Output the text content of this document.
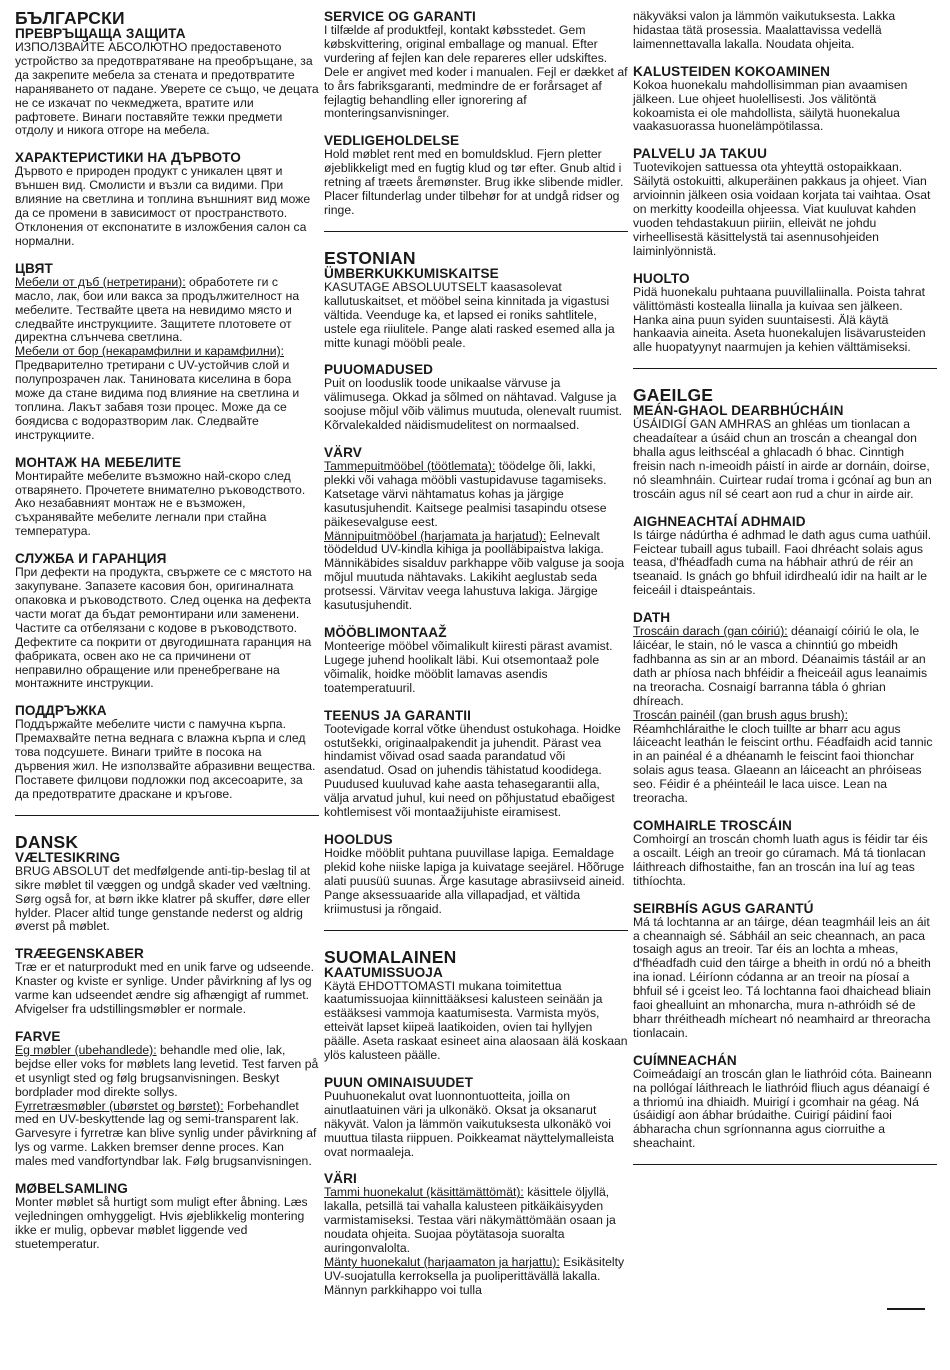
БЪЛГАРСКИ

ПРЕВРЪЩАЩА ЗАЩИТА

ИЗПОЛЗВАЙТЕ АБСОЛЮТНО предоставеното устройство за предотвратяване на преобръщане, за да закрепите мебела за стената и предотвратите нараняването от падане. Уверете се също, че децата не се изкачат по чекмеджета, вратите или рафтовете. Винаги поставяйте тежки предмети отдолу и никога отгоре на мебела.

ХАРАКТЕРИСТИКИ НА ДЪРВОТО

Дървото е природен продукт с уникален цвят и външен вид. Смолисти и възли са видими. При влияние на светлина и топлина външният вид може да се промени в зависимост от пространството. Отклонения от експонатите в изложбения салон са нормални.

ЦВЯТ

Мебели от дъб (нетретирани): обработете ги с масло, лак, бои или вакса за продължителност на мебелите. Тествайте цвета на невидимо място и следвайте инструкциите. Защитете плотовете от директна слънчева светлина.

Мебели от бор (некарамфилни и карамфилни): Предварително третирани с UV-устойчив слой и полупрозрачен лак. Таниновата киселина в бора може да стане видима под влияние на светлина и топлина. Лакът забавя този процес. Може да се боядисва с водоразтворим лак. Следвайте инструкциите.

МОНТАЖ НА МЕБЕЛИТЕ

Монтирайте мебелите възможно най-скоро след отварянето. Прочетете внимателно ръководството. Ако незабавният монтаж не е възможен, съхранявайте мебелите легнали при стайна температура.

СЛУЖБА И ГАРАНЦИЯ

При дефекти на продукта, свържете се с мястото на закупуване. Запазете касовия бон, оригиналната опаковка и ръководството. След оценка на дефекта части могат да бъдат ремонтирани или заменени. Частите са отбелязани с кодове в ръководството. Дефектите са покрити от двугодишната гаранция на фабриката, освен ако не са причинени от неправилно обращение или пренебрегване на монтажните инструкции.

ПОДДРЪЖКА

Поддържайте мебелите чисти с памучна кърпа. Премахвайте петна веднага с влажна кърпа и след това подсушете. Винаги трийте в посока на дървения жил. Не използвайте абразивни вещества. Поставете филцови подложки под аксесоарите, за да предотвратите драскане и кръгове.

DANSK

VÆLTESIKRING

BRUG ABSOLUT det medfølgende anti-tip-beslag til at sikre møblet til væggen og undgå skader ved væltning. Sørg også for, at børn ikke klatrer på skuffer, døre eller hylder. Placer altid tunge genstande nederst og aldrig øverst på møblet.

TRÆEGENSKABER

Træ er et naturprodukt med en unik farve og udseende. Knaster og kviste er synlige. Under påvirkning af lys og varme kan udseendet ændre sig afhængigt af rummet. Afvigelser fra udstillingsmøbler er normale.

FARVE

Eg møbler (ubehandlede): behandle med olie, lak, bejdse eller voks for møblets lang levetid. Test farven på et usynligt sted og følg brugsanvisningen. Beskyt bordplader mod direkte sollys.

Fyrretræsmøbler (ubørstet og børstet): Forbehandlet med en UV-beskyttende lag og semi-transparent lak. Garvesyre i fyrretræ kan blive synlig under påvirkning af lys og varme. Lakken bremser denne proces. Kan males med vandfortyndbar lak. Følg brugsanvisningen.

MØBELSAMLING

Monter møblet så hurtigt som muligt efter åbning. Læs vejledningen omhyggeligt. Hvis øjeblikkelig montering ikke er mulig, opbevar møblet liggende ved stuetemperatur.

SERVICE OG GARANTI

I tilfælde af produktfejl, kontakt købsstedet. Gem købskvittering, original emballage og manual. Efter vurdering af fejlen kan dele repareres eller udskiftes. Dele er angivet med koder i manualen. Fejl er dækket af to års fabriksgaranti, medmindre de er forårsaget af fejlagtig behandling eller ignorering af monteringsanvisninger.

VEDLIGEHOLDELSE

Hold møblet rent med en bomuldsklud. Fjern pletter øjeblikkeligt med en fugtig klud og tør efter. Gnub altid i retning af træets åremønster. Brug ikke slibende midler. Placer filtunderlag under tilbehør for at undgå ridser og ringe.

ESTONIAN

ÜMBERKUKKUMISKAITSE

KASUTAGE ABSOLUUTSELT kaasasolevat kallutuskaitset, et mööbel seina kinnitada ja vigastusi vältida. Veenduge ka, et lapsed ei roniks sahtlitele, ustele ega riiulitele. Pange alati rasked esemed alla ja mitte kunagi mööbli peale.

PUUOMADUSED

Puit on looduslik toode unikaalse värvuse ja välimusega. Okkad ja sõlmed on nähtavad. Valguse ja soojuse mõjul võib välimus muutuda, olenevalt ruumist. Kõrvalekalded näidismudelitest on normaalsed.

VÄRV

Tammepuitmööbel (töötlemata): töödelge õli, lakki, plekki või vahaga mööbli vastupidavuse tagamiseks. Katsetage värvi nähtamatus kohas ja järgige kasutusjuhendit. Kaitsege pealmisi tasapindu otsese päikesevalguse eest.

Männipuitmööbel (harjamata ja harjatud): Eelnevalt töödeldud UV-kindla kihiga ja poolläbipaistva lakiga. Männikäbides sisalduv parkhappe võib valguse ja sooja mõjul muutuda nähtavaks. Lakikiht aeglustab seda protsessi. Värvitav veega lahustuva lakiga. Järgige kasutusjuhendit.

MÖÖBLIMONTAAŽ

Monteerige mööbel võimalikult kiiresti pärast avamist. Lugege juhend hoolikalt läbi. Kui otsemontaaž pole võimalik, hoidke mööblit lamavas asendis toatemperatuuril.

TEENUS JA GARANTII

Tootevigade korral võtke ühendust ostukohaga. Hoidke ostutšekki, originaalpakendit ja juhendit. Pärast vea hindamist võivad osad saada parandatud või asendatud. Osad on juhendis tähistatud koodidega. Puudused kuuluvad kahe aasta tehasegarantii alla, välja arvatud juhul, kui need on põhjustatud ebaõigest kohtlemisest või montaažijuhiste eiramisest.

HOOLDUS

Hoidke mööblit puhtana puuvillase lapiga. Eemaldage plekid kohe niiske lapiga ja kuivatage seejärel. Hõõruge alati puusüü suunas. Ärge kasutage abrasiivseid aineid. Pange aksessuaaride alla villapadjad, et vältida kriimustusi ja rõngaid.

SUOMALAINEN

KAATUMISSUOJA

Käytä EHDOTTOMASTI mukana toimitettua kaatumissuojaa kiinnittääksesi kalusteen seinään ja estääksesi vammoja kaatumisesta. Varmista myös, etteivät lapset kiipeä laatikoiden, ovien tai hyllyjen päälle. Aseta raskaat esineet aina alaosaan älä koskaan ylös kalusteen päälle.

PUUN OMINAISUUDET

Puuhuonekalut ovat luonnontuotteita, joilla on ainutlaatuinen väri ja ulkonäkö. Oksat ja oksanarut näkyvät. Valon ja lämmön vaikutuksesta ulkonäkö voi muuttua tilasta riippuen. Poikkeamat näyttelymalleista ovat normaaleja.

VÄRI

Tammi huonekalut (käsittämättömät): käsittele öljyllä, lakalla, petsillä tai vahalla kalusteen pitkäikäisyyden varmistamiseksi. Testaa väri näkymättömään osaan ja noudata ohjeita. Suojaa pöytätasoja suoralta auringonvalolta.

Mänty huonekalut (harjaamaton ja harjattu): Esikäsitelty UV-suojatulla kerroksella ja puoliperittävällä lakalla. Männyn parkkihappo voi tulla

näkyväksi valon ja lämmön vaikutuksesta. Lakka hidastaa tätä prosessia. Maalattavissa vedellä laimennettavalla lakalla. Noudata ohjeita.

KALUSTEIDEN KOKOAMINEN

Kokoa huonekalu mahdollisimman pian avaamisen jälkeen. Lue ohjeet huolellisesti. Jos välitöntä kokoamista ei ole mahdollista, säilytä huonekalua vaakasuorassa huonelämpötilassa.

PALVELU JA TAKUU

Tuotevikojen sattuessa ota yhteyttä ostopaikkaan. Säilytä ostokuitti, alkuperäinen pakkaus ja ohjeet. Vian arvioinnin jälkeen osia voidaan korjata tai vaihtaa. Osat on merkitty koodeilla ohjeessa. Viat kuuluvat kahden vuoden tehdastakuun piiriin, elleivät ne johdu virheellisestä käsittelystä tai asennusohjeiden laiminlyönnistä.

HUOLTO

Pidä huonekalu puhtaana puuvillaliinalla. Poista tahrat välittömästi kostealla liinalla ja kuivaa sen jälkeen. Hanka aina puun syiden suuntaisesti. Älä käytä hankaavia aineita. Aseta huonekalujen lisävarusteiden alle huopatyynyt naarmujen ja kehien välttämiseksi.

GAEILGE

MEÁN-GHAOL DEARBHÚCHÁIN

ÚSÁIDIGÍ GAN AMHRAS an ghléas um tionlacan a cheadaítear a úsáid chun an troscán a cheangal don bhalla agus leithscéal a ghlacadh ó bhac. Cinntigh freisin nach n-imeoidh páistí in airde ar dornáin, doirse, nó sleamhnáin. Cuirtear rudaí troma i gcónaí ag bun an troscáin agus níl sé ceart aon rud a chur in airde air.

AIGHNEACHTAÍ ADHMAID

Is táirge nádúrtha é adhmad le dath agus cuma uathúil. Feictear tubaill agus tubaill. Faoi dhréacht solais agus teasa, d'fhéadfadh cuma na hábhair athrú de réir an tseanaid. Is gnách go bhfuil idirdhealú idir na hailt ar le feiceáil i dtaispeántais.

DATH

Troscáin darach (gan cóiriú): déanaigí cóiriú le ola, le láicéar, le stain, nó le vasca a chinntiú go mbeidh fadhbanna as sin ar an mbord. Déanaimis tástáil ar an dath ar phíosa nach bhféidir a fheiceáil agus leanaimis na treoracha. Cosnaigí barranna tábla ó ghrian dhíreach.

Troscán painéil (gan brush agus brush): Réamhchláraithe le cloch tuillte ar bharr acu agus láiceacht leathán le feiscint orthu. Féadfaidh acid tannic in an painéal é a dhéanamh le feiscint faoi thionchar solais agus teasa. Glaeann an láiceacht an phróiseas seo. Féidir é a phéinteáil le laca uisce. Lean na treoracha.

COMHAIRLE TROSCÁIN

Comhoirgí an troscán chomh luath agus is féidir tar éis a oscailt. Léigh an treoir go cúramach. Má tá tionlacan láithreach difhostaithe, fan an troscán ina luí ag teas tithíochta.

SEIRBHÍS AGUS GARANTÚ

Má tá lochtanna ar an táirge, déan teagmháil leis an áit a cheannaigh sé. Sábháil an seic cheannach, an paca tosaigh agus an treoir. Tar éis an lochta a mheas, d'fhéadfadh cuid den táirge a bheith in ordú nó a bheith ina ionad. Léiríonn códanna ar an treoir na píosaí a bhfuil sé i gceist leo. Tá lochtanna faoi dhaichead bliain faoi ghealluint an mhonarcha, mura n-athróidh sé de bharr thréithеadh mícheart nó neamhaird ar threoracha tionlacain.

CUÍMNEACHÁN

Coimeádaigí an troscán glan le liathróid cóta. Baineann na pollógaí láithreach le liathróid fliuch agus déanaigí é a thriomú ina dhiaidh. Muirigí i gcomhair na géag. Ná úsáidigí aon ábhar brúdaithe. Cuirigí páidiní faoi ábharacha chun sgríonnanna agus ciorruithe a sheachaint.
